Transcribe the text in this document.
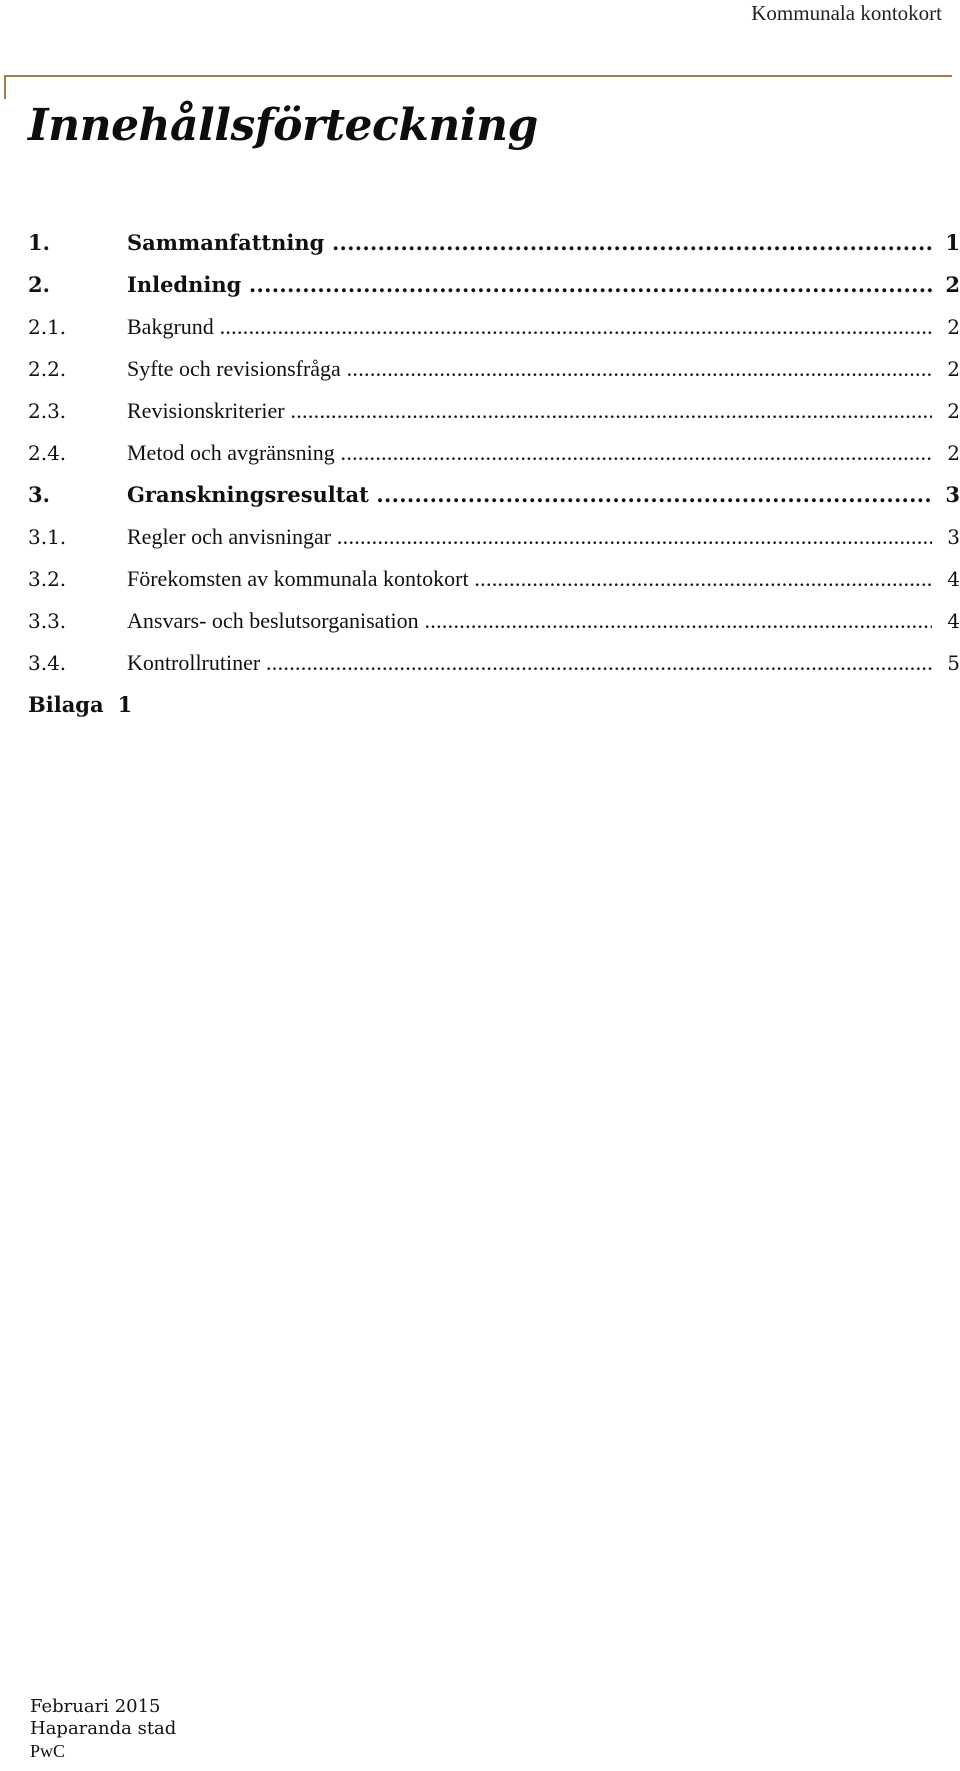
Kommunala kontokort
Innehållsförteckning
1.	Sammanfattning .....	1
2.	Inledning .....	2
2.1.	Bakgrund .....	2
2.2.	Syfte och revisionsfråga .....	2
2.3.	Revisionskriterier .....	2
2.4.	Metod och avgränsning .....	2
3.	Granskningsresultat .....	3
3.1.	Regler och anvisningar .....	3
3.2.	Förekomsten av kommunala kontokort .....	4
3.3.	Ansvars- och beslutsorganisation .....	4
3.4.	Kontrollrutiner .....	5
Bilaga 1
Februari 2015
Haparanda stad
PwC
